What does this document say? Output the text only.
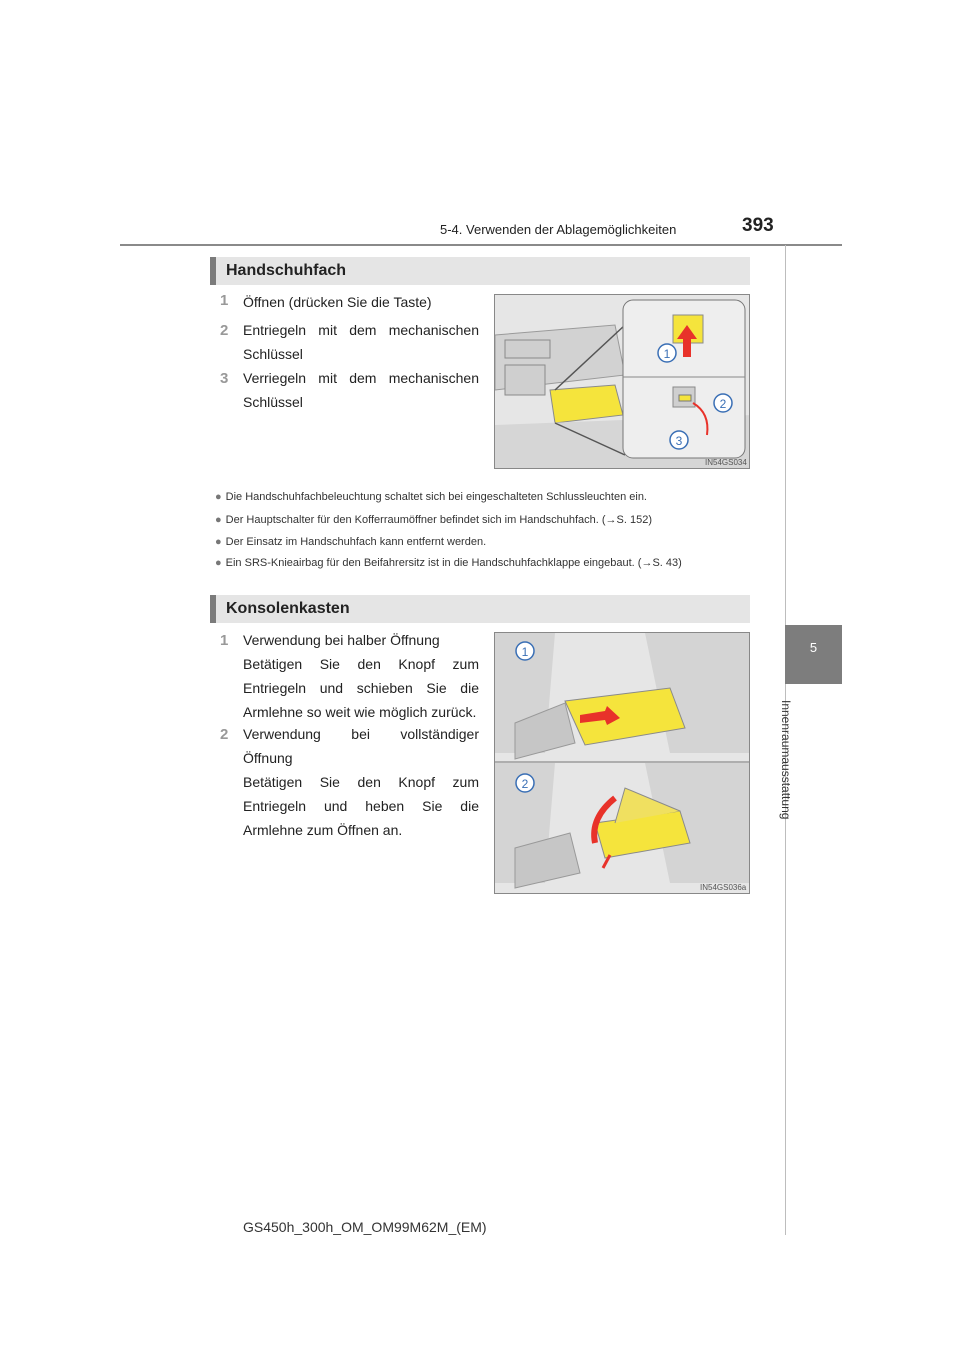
5-4. Verwenden der Ablagemöglichkeiten	393
5
Innenraumausstattung
Handschuhfach
1 Öffnen (drücken Sie die Taste)
2 Entriegeln mit dem mechanischen Schlüssel
3 Verriegeln mit dem mechanischen Schlüssel
1
2
3
IN54GS034
● Die Handschuhfachbeleuchtung schaltet sich bei eingeschalteten Schlussleuchten ein.
● Der Hauptschalter für den Kofferraumöffner befindet sich im Handschuhfach. (→S. 152)
● Der Einsatz im Handschuhfach kann entfernt werden.
● Ein SRS-Knieairbag für den Beifahrersitz ist in die Handschuhfachklappe eingebaut. (→S. 43)
Konsolenkasten
1 Verwendung bei halber Öffnung
Betätigen Sie den Knopf zum Entriegeln und schieben Sie die Armlehne so weit wie möglich zurück.
2 Verwendung bei vollständiger Öffnung
Betätigen Sie den Knopf zum Entriegeln und heben Sie die Armlehne zum Öffnen an.
1
2
IN54GS036a
GS450h_300h_OM_OM99M62M_(EM)
